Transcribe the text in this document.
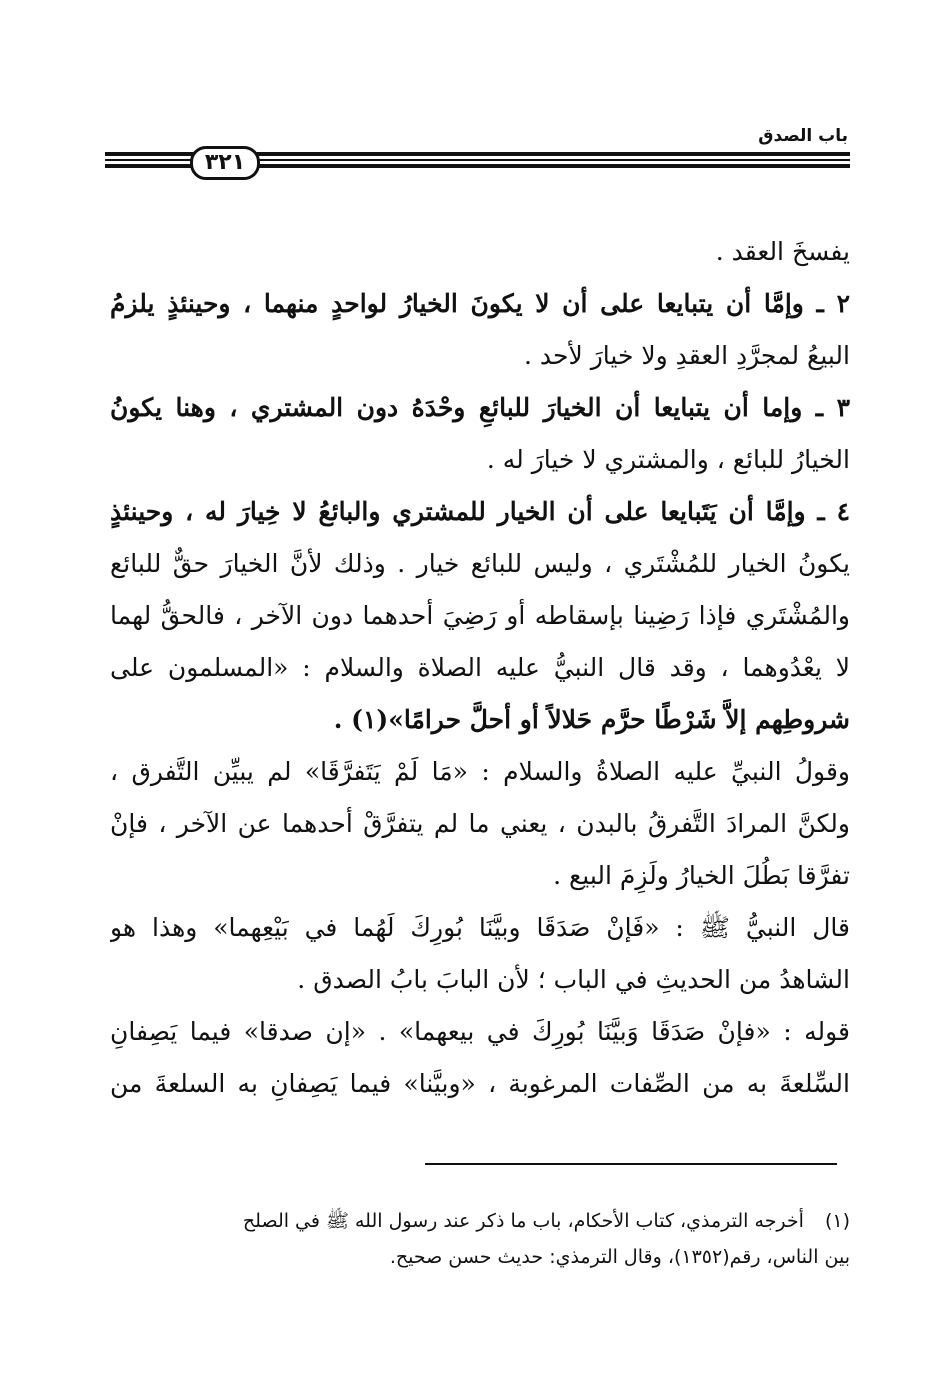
باب الصدق
٣٢١
يفسخَ العقد .
٢ ـ وإمَّا أن يتبايعا على أن لا يكونَ الخيارُ لواحدٍ منهما ، وحينئذٍ يلزمُ
البيعُ لمجرَّدِ العقدِ ولا خيارَ لأحد .
٣ ـ وإما أن يتبايعا أن الخيارَ للبائعِ وحْدَهُ دون المشتري ، وهنا يكونُ
الخيارُ للبائع ، والمشتري لا خيارَ له .
٤ ـ وإمَّا أن يَتَبايعا على أن الخيار للمشتري والبائعُ لا خِيارَ له ، وحينئذٍ
يكونُ الخيار للمُشْتَري ، وليس للبائع خيار . وذلك لأنَّ الخيارَ حقٌّ للبائع
والمُشْتَري فإذا رَضِينا بإسقاطه أو رَضِيَ أحدهما دون الآخر ، فالحقُّ لهما
لا يعْدُوهما ، وقد قال النبيُّ عليه الصلاة والسلام : «المسلمون على
شروطِهم إلاَّ شَرْطًا حرَّم حَلالاً أو أحلَّ حرامًا»(١) .
وقولُ النبيِّ عليه الصلاةُ والسلام : «مَا لَمْ يَتَفرَّقَا» لم يبيِّن التَّفرق ،
ولكنَّ المرادَ التَّفرقُ بالبدن ، يعني ما لم يتفرَّقْ أحدهما عن الآخر ، فإنْ
تفرَّقا بَطُلَ الخيارُ ولَزِمَ البيع .
قال النبيُّ ﷺ : «فَإنْ صَدَقَا وبيَّنَا بُورِكَ لَهُما في بَيْعِهما» وهذا هو
الشاهدُ من الحديثِ في الباب ؛ لأن البابَ بابُ الصدق .
قوله : «فإنْ صَدَقَا وَبيَّنَا بُورِكَ في بيعهما» . «إن صدقا» فيما يَصِفانِ
السِّلعةَ به من الصِّفات المرغوبة ، «وبيَّنا» فيما يَصِفانِ به السلعةَ من
(١) أخرجه الترمذي، كتاب الأحكام، باب ما ذكر عند رسول الله ﷺ في الصلح
بين الناس، رقم(١٣٥٢)، وقال الترمذي: حديث حسن صحيح.
